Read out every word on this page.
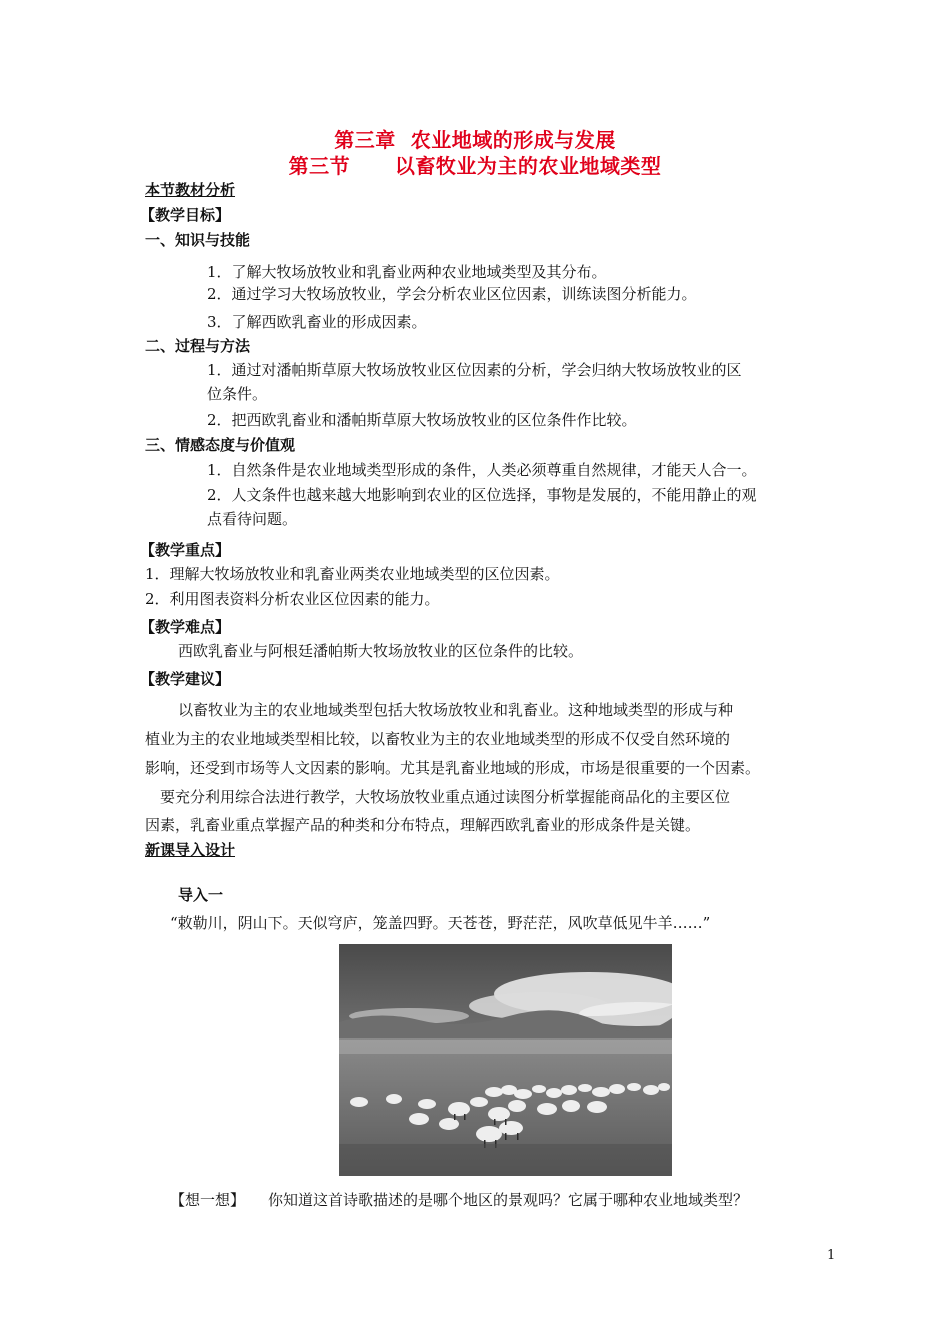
第三章  农业地域的形成与发展
第三节      以畜牧业为主的农业地域类型
本节教材分析
【教学目标】
一、知识与技能
1．了解大牧场放牧业和乳畜业两种农业地域类型及其分布。
2．通过学习大牧场放牧业，学会分析农业区位因素，训练读图分析能力。
3．了解西欧乳畜业的形成因素。
二、过程与方法
1．通过对潘帕斯草原大牧场放牧业区位因素的分析，学会归纳大牧场放牧业的区
位条件。
2．把西欧乳畜业和潘帕斯草原大牧场放牧业的区位条件作比较。
三、情感态度与价值观
1．自然条件是农业地域类型形成的条件，人类必须尊重自然规律，才能天人合一。
2．人文条件也越来越大地影响到农业的区位选择，事物是发展的，不能用静止的观
点看待问题。
【教学重点】
1．理解大牧场放牧业和乳畜业两类农业地域类型的区位因素。
2．利用图表资料分析农业区位因素的能力。
【教学难点】
西欧乳畜业与阿根廷潘帕斯大牧场放牧业的区位条件的比较。
【教学建议】
以畜牧业为主的农业地域类型包括大牧场放牧业和乳畜业。这种地域类型的形成与种
植业为主的农业地域类型相比较，以畜牧业为主的农业地域类型的形成不仅受自然环境的
影响，还受到市场等人文因素的影响。尤其是乳畜业地域的形成，市场是很重要的一个因素。
要充分利用综合法进行教学，大牧场放牧业重点通过读图分析掌握能商品化的主要区位
因素，乳畜业重点掌握产品的种类和分布特点，理解西欧乳畜业的形成条件是关键。
新课导入设计
导入一
“敕勒川，阴山下。天似穹庐，笼盖四野。天苍苍，野茫茫，风吹草低见牛羊……”
【想一想】 你知道这首诗歌描述的是哪个地区的景观吗？它属于哪种农业地域类型？
1
